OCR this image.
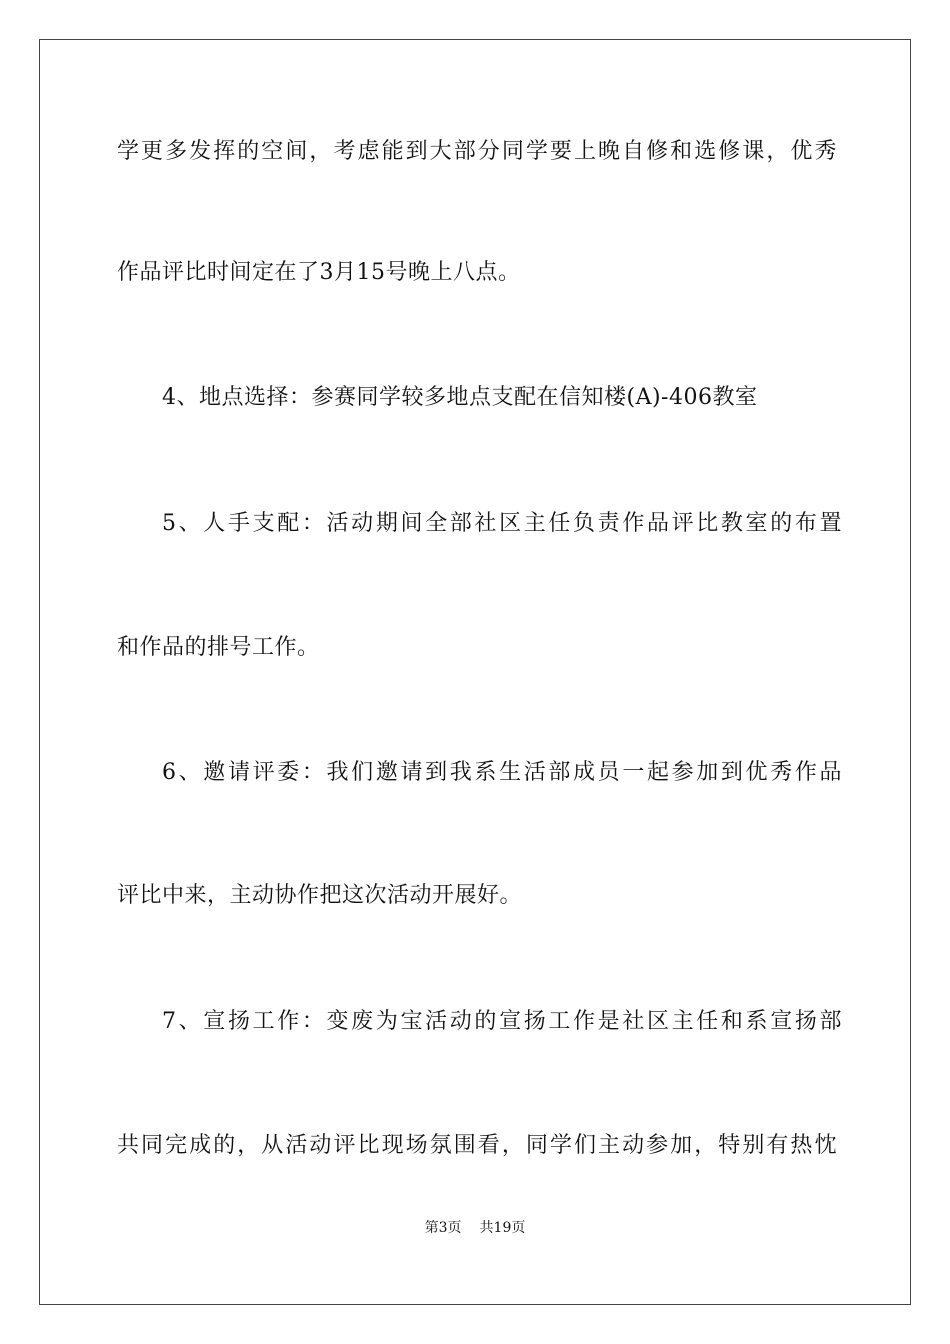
学更多发挥的空间，考虑能到大部分同学要上晚自修和选修课，优秀
作品评比时间定在了3月15号晚上八点。
4、地点选择：参赛同学较多地点支配在信知楼(A)-406教室
5、人手支配：活动期间全部社区主任负责作品评比教室的布置
和作品的排号工作。
6、邀请评委：我们邀请到我系生活部成员一起参加到优秀作品
评比中来，主动协作把这次活动开展好。
7、宣扬工作：变废为宝活动的宣扬工作是社区主任和系宣扬部
共同完成的，从活动评比现场氛围看，同学们主动参加，特别有热忱
第3页 共19页
